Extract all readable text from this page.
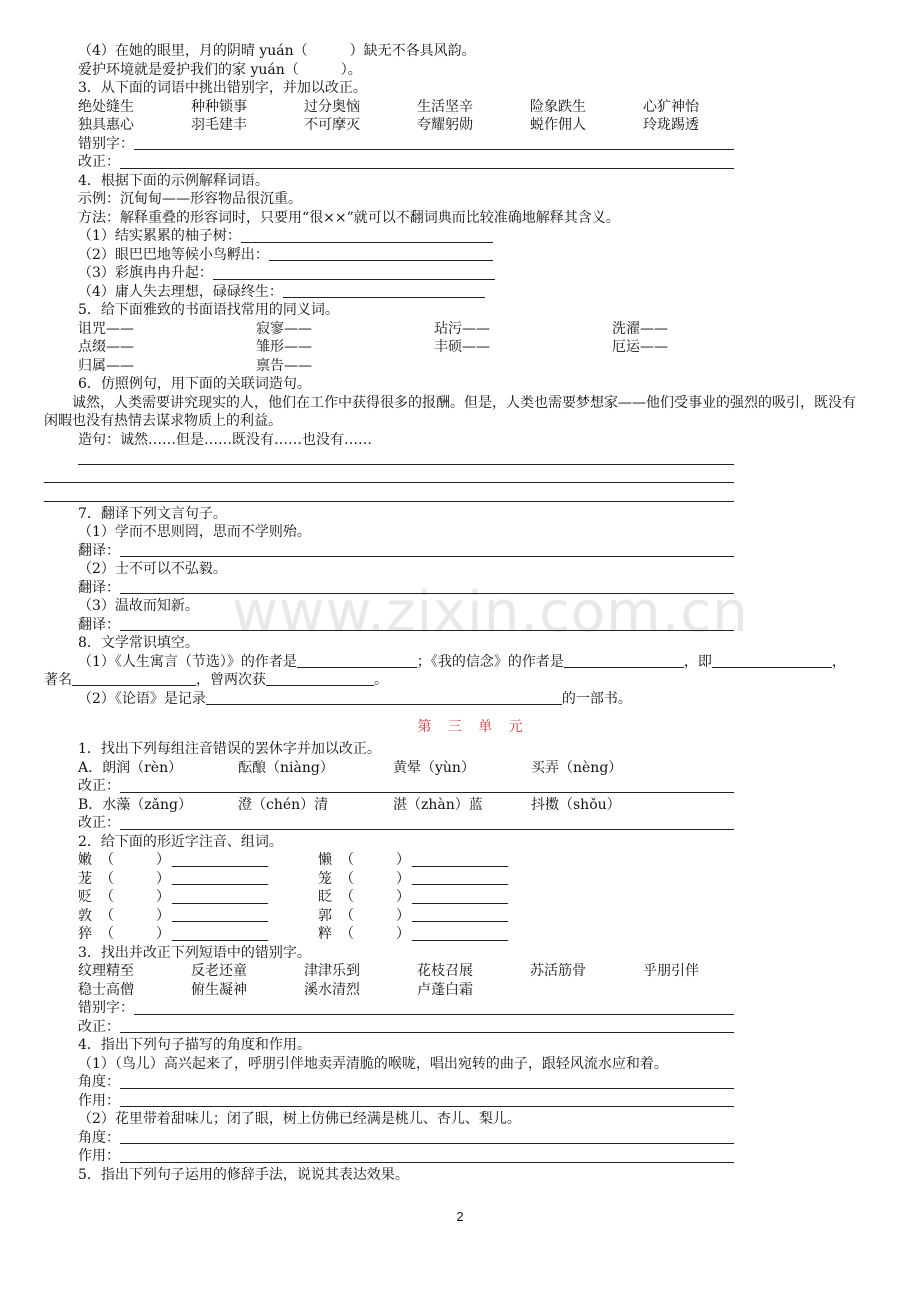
www.zixin.com.cn
（4）在她的眼里，月的阴晴 yuán（　　　）缺无不各具风韵。
爱护环境就是爱护我们的家 yuán（　　　）。
3．从下面的词语中挑出错别字，并加以改正。
绝处缝生	种种锁事	过分奥恼	生活坚辛	险象跌生	心犷神怡
独具惠心	羽毛建丰	不可摩灭	夸耀躬勋	蜕作佣人	玲珑踢透
错别字：
改正：
4．根据下面的示例解释词语。
示例：沉甸甸——形容物品很沉重。
方法：解释重叠的形容词时，只要用“很××”就可以不翻词典而比较准确地解释其含义。
（1）结实累累的柚子树：
（2）眼巴巴地等候小鸟孵出：
（3）彩旗冉冉升起：
（4）庸人失去理想，碌碌终生：
5．给下面雅致的书面语找常用的同义词。
诅咒——	寂寥——	玷污——	洗濯——
点缀——	雏形——	丰硕——	厄运——
归属——	禀告——
6．仿照例句，用下面的关联词造句。
诚然，人类需要讲究现实的人，他们在工作中获得很多的报酬。但是，人类也需要梦想家——他们受事业的强烈的吸引，既没有闲暇也没有热情去谋求物质上的利益。
造句：诚然……但是……既没有……也没有……
7．翻译下列文言句子。
（1）学而不思则罔，思而不学则殆。
翻译：
（2）士不可以不弘毅。
翻译：
（3）温故而知新。
翻译：
8．文学常识填空。
（1）《人生寓言（节选）》的作者是	；《我的信念》的作者是	，即	，
著名	，曾两次获	。
（2）《论语》是记录	的一部书。
第 三 单 元
1．找出下列每组注音错误的罢休字并加以改正。
A．朗润（rèn）	酝酿（niàng）	黄晕（yùn）	买弄（nèng）
改正：
B．水藻（zǎng）	澄（chén）清	湛（zhàn）蓝	抖擞（shǒu）
改正：
2．给下面的形近字注音、组词。
嫩 （　　　）	懒 （　　　）
茏 （　　　）	笼 （　　　）
贬 （　　　）	眨 （　　　）
敦 （　　　）	郭 （　　　）
猝 （　　　）	粹 （　　　）
3．找出并改正下列短语中的错别字。
纹理精至	反老还童	津津乐到	花枝召展	苏活筋骨	乎朋引伴
稳士高僧	俯生凝神	溪水清烈	卢蓬白霜
错别字：
改正：
4．指出下列句子描写的角度和作用。
（1）（鸟儿）高兴起来了，呼朋引伴地卖弄清脆的喉咙，唱出宛转的曲子，跟轻风流水应和着。
角度：
作用：
（2）花里带着甜味儿；闭了眼，树上仿佛已经满是桃儿、杏儿、梨儿。
角度：
作用：
5．指出下列句子运用的修辞手法，说说其表达效果。
2
